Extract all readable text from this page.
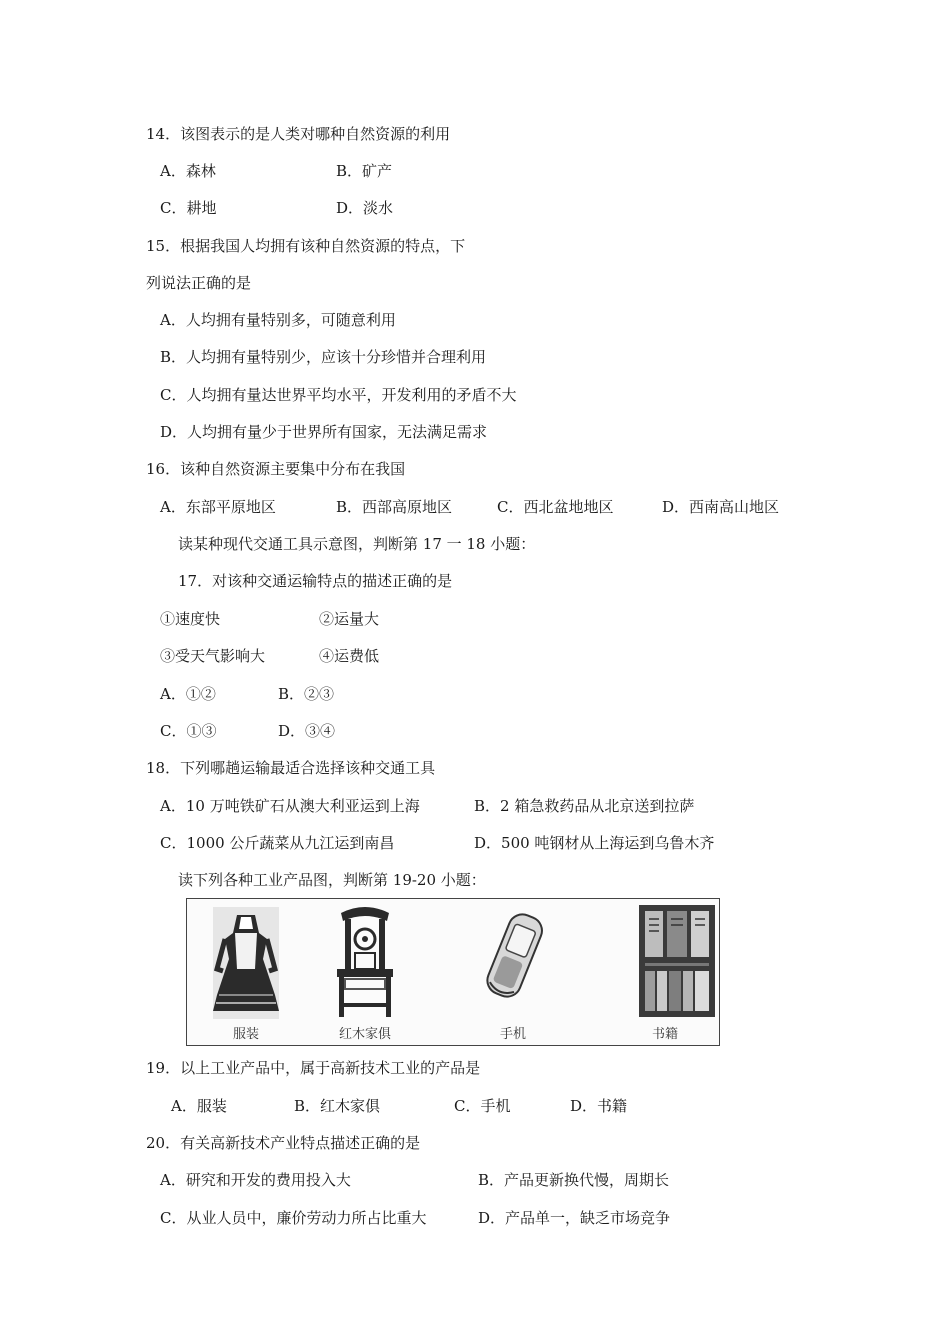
14．该图表示的是人类对哪种自然资源的利用
A．森林	B．矿产
C．耕地	D．淡水
15．根据我国人均拥有该种自然资源的特点，下
列说法正确的是
A．人均拥有量特别多，可随意利用
B．人均拥有量特别少，应该十分珍惜并合理利用
C．人均拥有量达世界平均水平，开发利用的矛盾不大
D．人均拥有量少于世界所有国家，无法满足需求
16．该种自然资源主要集中分布在我国
A．东部平原地区	B．西部高原地区	C．西北盆地地区	D．西南高山地区
读某种现代交通工具示意图，判断第 17 一 18 小题：
17．对该种交通运输特点的描述正确的是
①速度快	②运量大
③受天气影响大	④运费低
A．①②	B．②③
C．①③	D．③④
18．下列哪趟运输最适合选择该种交通工具
A．10 万吨铁矿石从澳大利亚运到上海	B．2 箱急救药品从北京送到拉萨
C．1000 公斤蔬菜从九江运到南昌	D．500 吨钢材从上海运到乌鲁木齐
读下列各种工业产品图，判断第 19-20 小题：
服装	红木家俱	手机	书籍
19．以上工业产品中，属于高新技术工业的产品是
A．服装	B．红木家俱	C．手机	D．书籍
20．有关高新技术产业特点描述正确的是
A．研究和开发的费用投入大	B．产品更新换代慢，周期长
C．从业人员中，廉价劳动力所占比重大	D．产品单一，缺乏市场竞争
